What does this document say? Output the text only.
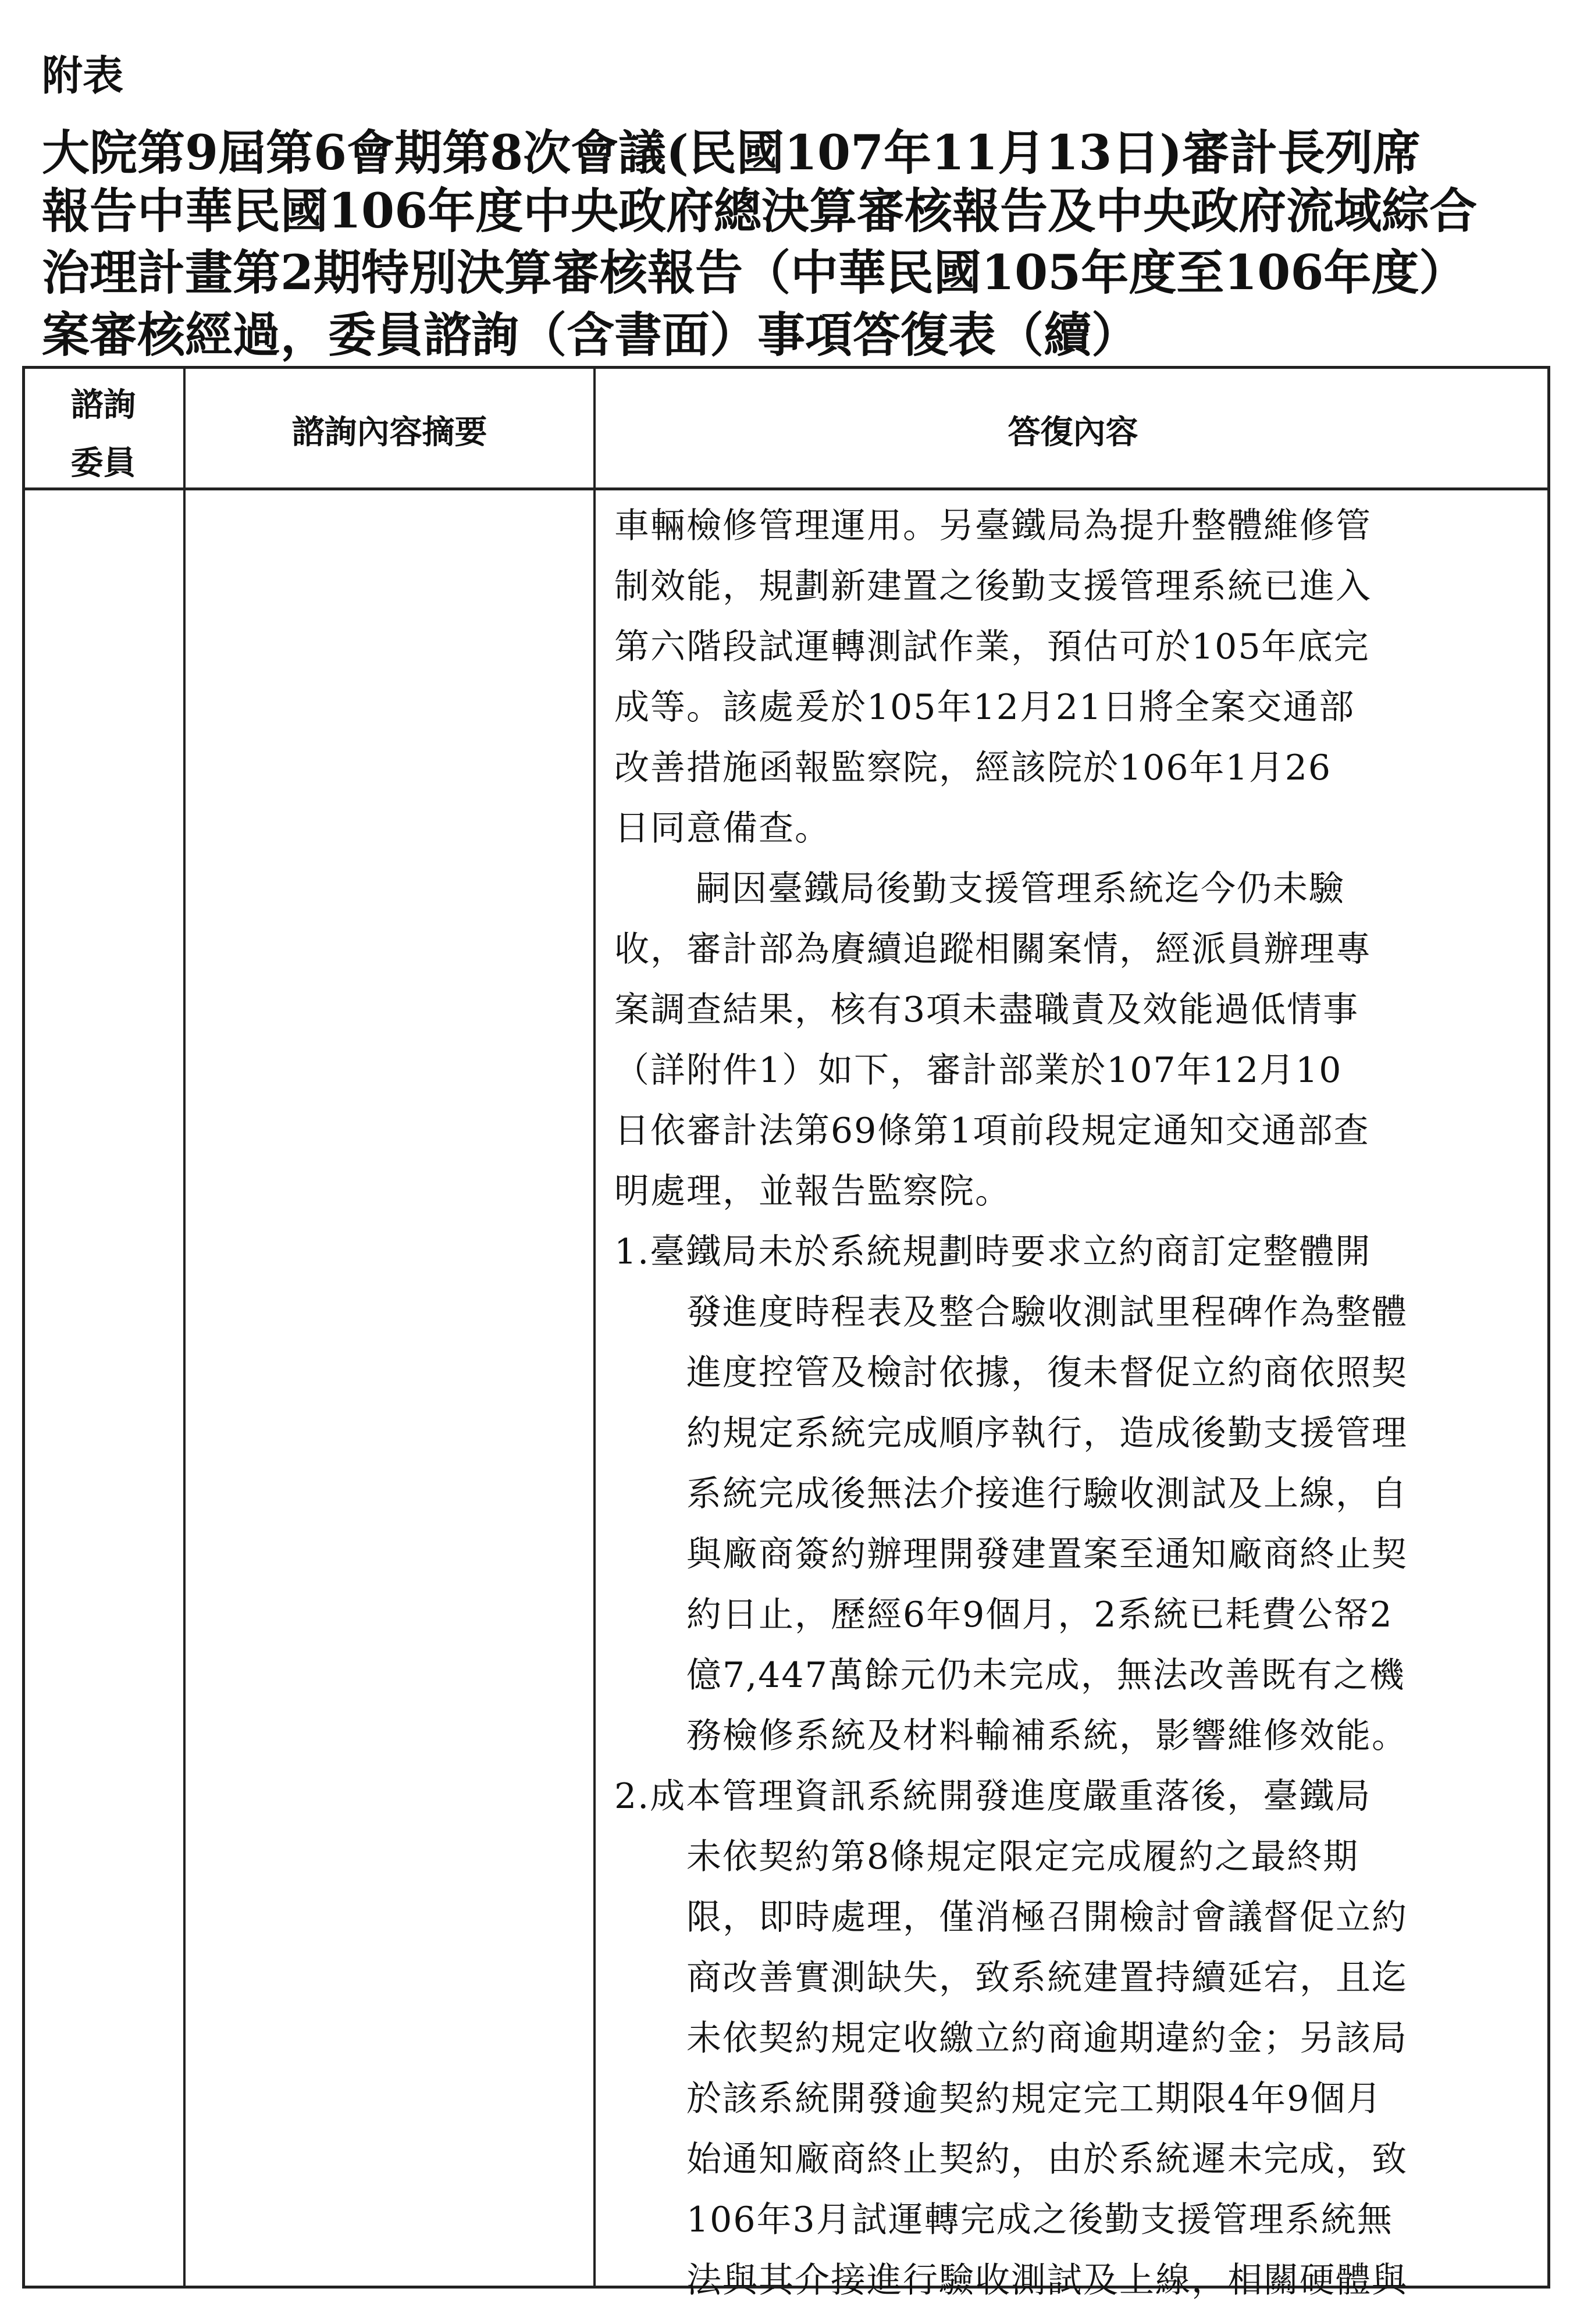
附表
大院第9屆第6會期第8次會議(民國107年11月13日)審計長列席
報告中華民國106年度中央政府總決算審核報告及中央政府流域綜合
治理計畫第2期特別決算審核報告（中華民國105年度至106年度）
案審核經過，委員諮詢（含書面）事項答復表（續）
諮詢
委員
諮詢內容摘要	答復內容
車輛檢修管理運用。另臺鐵局為提升整體維修管
制效能，規劃新建置之後勤支援管理系統已進入
第六階段試運轉測試作業，預估可於105年底完
成等。該處爰於105年12月21日將全案交通部
改善措施函報監察院，經該院於106年1月26
日同意備查。
嗣因臺鐵局後勤支援管理系統迄今仍未驗
收，審計部為賡續追蹤相關案情，經派員辦理專
案調查結果，核有3項未盡職責及效能過低情事
（詳附件1）如下，審計部業於107年12月10
日依審計法第69條第1項前段規定通知交通部查
明處理，並報告監察院。
1.臺鐵局未於系統規劃時要求立約商訂定整體開
發進度時程表及整合驗收測試里程碑作為整體
進度控管及檢討依據，復未督促立約商依照契
約規定系統完成順序執行，造成後勤支援管理
系統完成後無法介接進行驗收測試及上線，自
與廠商簽約辦理開發建置案至通知廠商終止契
約日止，歷經6年9個月，2系統已耗費公帑2
億7,447萬餘元仍未完成，無法改善既有之機
務檢修系統及材料輸補系統，影響維修效能。
2.成本管理資訊系統開發進度嚴重落後，臺鐵局
未依契約第8條規定限定完成履約之最終期
限，即時處理，僅消極召開檢討會議督促立約
商改善實測缺失，致系統建置持續延宕，且迄
未依契約規定收繳立約商逾期違約金；另該局
於該系統開發逾契約規定完工期限4年9個月
始通知廠商終止契約，由於系統遲未完成，致
106年3月試運轉完成之後勤支援管理系統無
法與其介接進行驗收測試及上線，相關硬體與
